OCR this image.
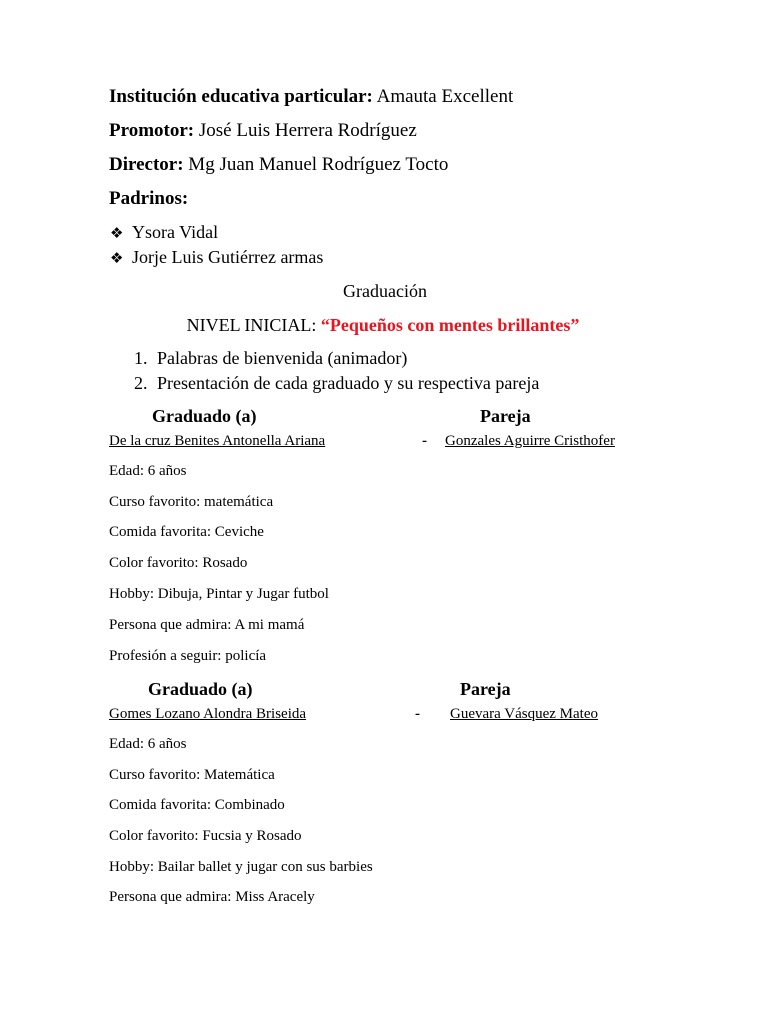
Institución educativa particular: Amauta Excellent
Promotor: José Luis Herrera Rodríguez
Director: Mg Juan Manuel Rodríguez Tocto
Padrinos:
❖ Ysora Vidal
❖ Jorje Luis Gutiérrez armas
Graduación
NIVEL INICIAL: “Pequeños con mentes brillantes”
1. Palabras de bienvenida (animador)
2. Presentación de cada graduado y su respectiva pareja
Graduado (a)	Pareja
De la cruz Benites Antonella Ariana	- Gonzales Aguirre Cristhofer
Edad: 6 años
Curso favorito: matemática
Comida favorita: Ceviche
Color favorito: Rosado
Hobby: Dibuja, Pintar y Jugar futbol
Persona que admira: A mi mamá
Profesión a seguir: policía
Graduado (a)	Pareja
Gomes Lozano Alondra Briseida	- Guevara Vásquez Mateo
Edad: 6 años
Curso favorito: Matemática
Comida favorita: Combinado
Color favorito: Fucsia y Rosado
Hobby: Bailar ballet y jugar con sus barbies
Persona que admira: Miss Aracely
